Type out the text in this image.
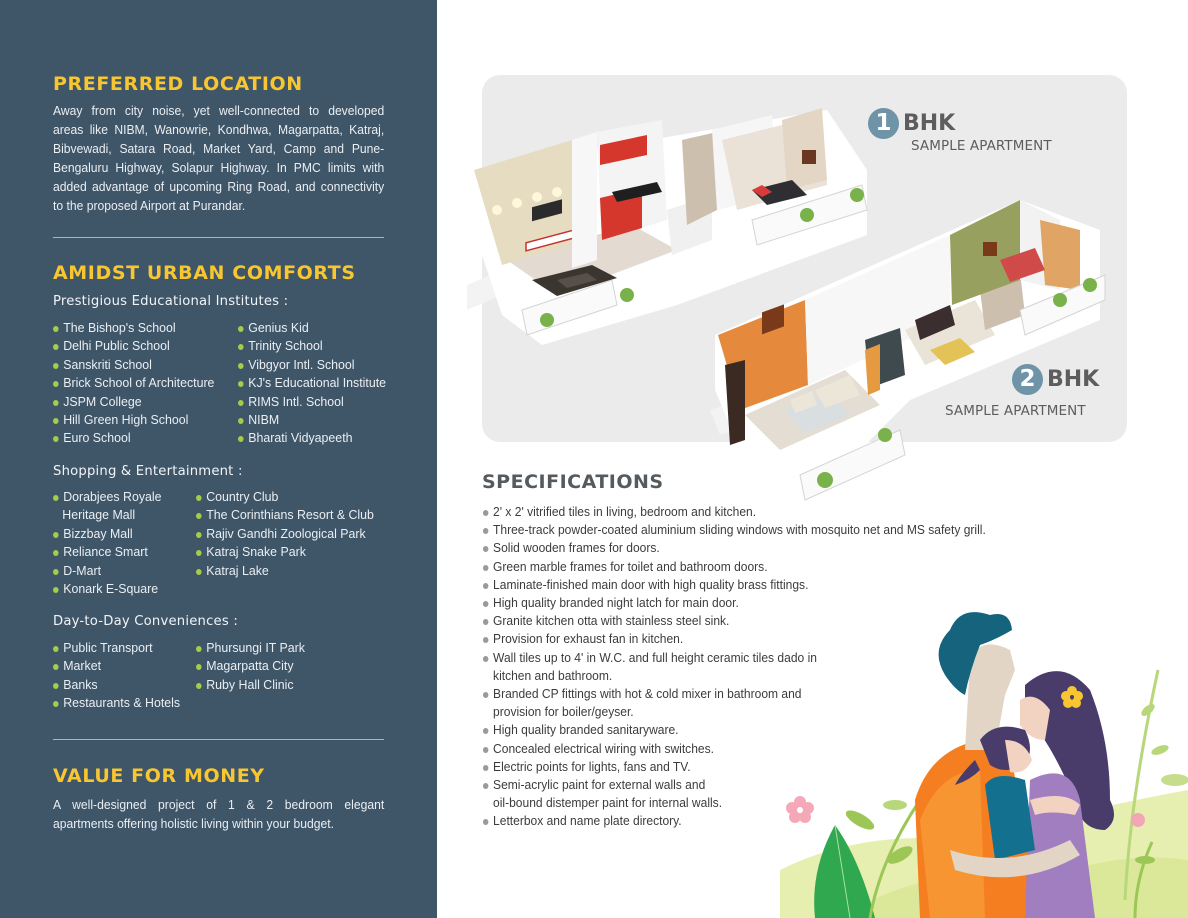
PREFERRED LOCATION
Away from city noise, yet well-connected to developed
areas like NIBM, Wanowrie, Kondhwa, Magarpatta, Katraj,
Bibvewadi, Satara Road, Market Yard, Camp and Pune-
Bengaluru Highway, Solapur Highway. In PMC limits with
added advantage of upcoming Ring Road, and connectivity
to the proposed Airport at Purandar.
AMIDST URBAN COMFORTS
Prestigious Educational Institutes :
The Bishop's School
Delhi Public School
Sanskriti School
Brick School of Architecture
JSPM College
Hill Green High School
Euro School
Genius Kid
Trinity School
Vibgyor Intl. School
KJ's Educational Institute
RIMS Intl. School
NIBM
Bharati Vidyapeeth
Shopping & Entertainment :
Dorabjees Royale
Heritage Mall
Bizzbay Mall
Reliance Smart
D-Mart
Konark E-Square
Country Club
The Corinthians Resort & Club
Rajiv Gandhi Zoological Park
Katraj Snake Park
Katraj Lake
Day-to-Day Conveniences :
Public Transport
Market
Banks
Restaurants & Hotels
Phursungi IT Park
Magarpatta City
Ruby Hall Clinic
VALUE FOR MONEY
A well-designed project of 1 & 2 bedroom elegant
apartments offering holistic living within your budget.
1 BHK
SAMPLE APARTMENT
2 BHK
SAMPLE APARTMENT
SPECIFICATIONS
2' x 2' vitrified tiles in living, bedroom and kitchen.
Three-track powder-coated aluminium sliding windows with mosquito net and MS safety grill.
Solid wooden frames for doors.
Green marble frames for toilet and bathroom doors.
Laminate-finished main door with high quality brass fittings.
High quality branded night latch for main door.
Granite kitchen otta with stainless steel sink.
Provision for exhaust fan in kitchen.
Wall tiles up to 4' in W.C. and full height ceramic tiles dado in
kitchen and bathroom.
Branded CP fittings with hot & cold mixer in bathroom and
provision for boiler/geyser.
High quality branded sanitaryware.
Concealed electrical wiring with switches.
Electric points for lights, fans and TV.
Semi-acrylic paint for external walls and
oil-bound distemper paint for internal walls.
Letterbox and name plate directory.
